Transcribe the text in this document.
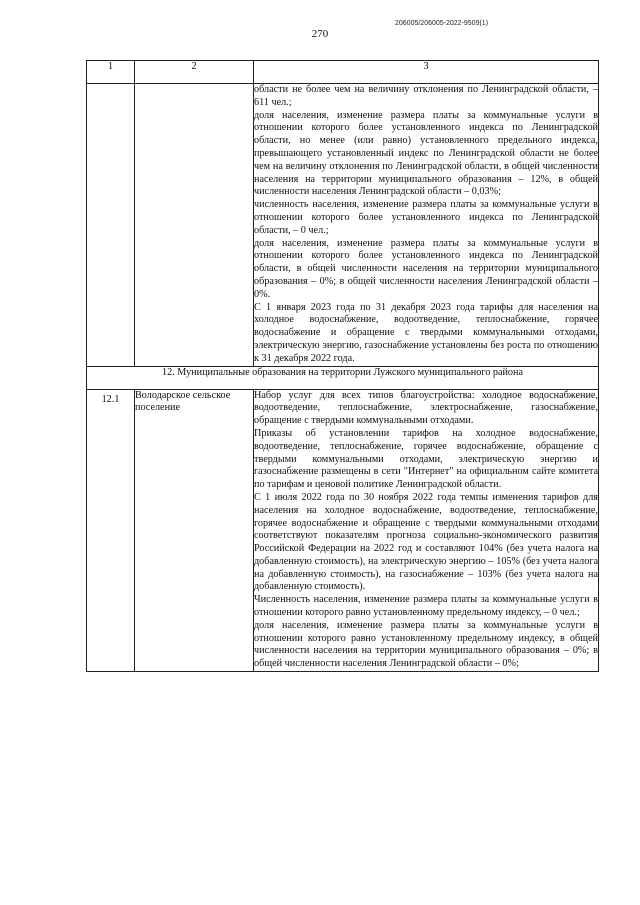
270
206005/206005-2022-9509(1)
1	2	3

		области не более чем на величину отклонения по Ленинградской области, – 611 чел.;

доля населения, изменение размера платы за коммунальные услуги в отношении которого более установленного индекса по Ленинградской области, но менее (или равно) установленного предельного индекса, превышающего установленный индекс по Ленинградской области не более чем на величину отклонения по Ленинградской области, в общей численности населения на территории муниципального образования – 12%, в общей численности населения Ленинградской области – 0,03%;

численность населения, изменение размера платы за коммунальные услуги в отношении которого более установленного индекса по Ленинградской области, – 0 чел.;

доля населения, изменение размера платы за коммунальные услуги в отношении которого более установленного индекса по Ленинградской области, в общей численности населения на территории муниципального образования – 0%; в общей численности населения Ленинградской области – 0%.

С 1 января 2023 года по 31 декабря 2023 года тарифы для населения на холодное водоснабжение, водоотведение, теплоснабжение, горячее водоснабжение и обращение с твердыми коммунальными отходами, электрическую энергию, газоснабжение установлены без роста по отношению к 31 декабря 2022 года.

12. Муниципальные образования на территории Лужского муниципального района		
12.1	Володарское сельское поселение	Набор услуг для всех типов благоустройства: холодное водоснабжение, водоотведение, теплоснабжение, электроснабжение, газоснабжение, обращение с твердыми коммунальными отходами.

Приказы об установлении тарифов на холодное водоснабжение, водоотведение, теплоснабжение, горячее водоснабжение, обращение с твердыми коммунальными отходами, электрическую энергию и газоснабжение размещены в сети "Интернет" на официальном сайте комитета по тарифам и ценовой политике Ленинградской области.

С 1 июля 2022 года по 30 ноября 2022 года темпы изменения тарифов для населения на холодное водоснабжение, водоотведение, теплоснабжение, горячее водоснабжение и обращение с твердыми коммунальными отходами соответствуют показателям прогноза социально-экономического развития Российской Федерации на 2022 год и составляют 104% (без учета налога на добавленную стоимость), на электрическую энергию – 105% (без учета налога на добавленную стоимость), на газоснабжение – 103% (без учета налога на добавленную стоимость).

Численность населения, изменение размера платы за коммунальные услуги в отношении которого равно установленному предельному индексу, – 0 чел.;

доля населения, изменение размера платы за коммунальные услуги в отношении которого равно установленному предельному индексу, в общей численности населения на территории муниципального образования – 0%; в общей численности населения Ленинградской области – 0%;
